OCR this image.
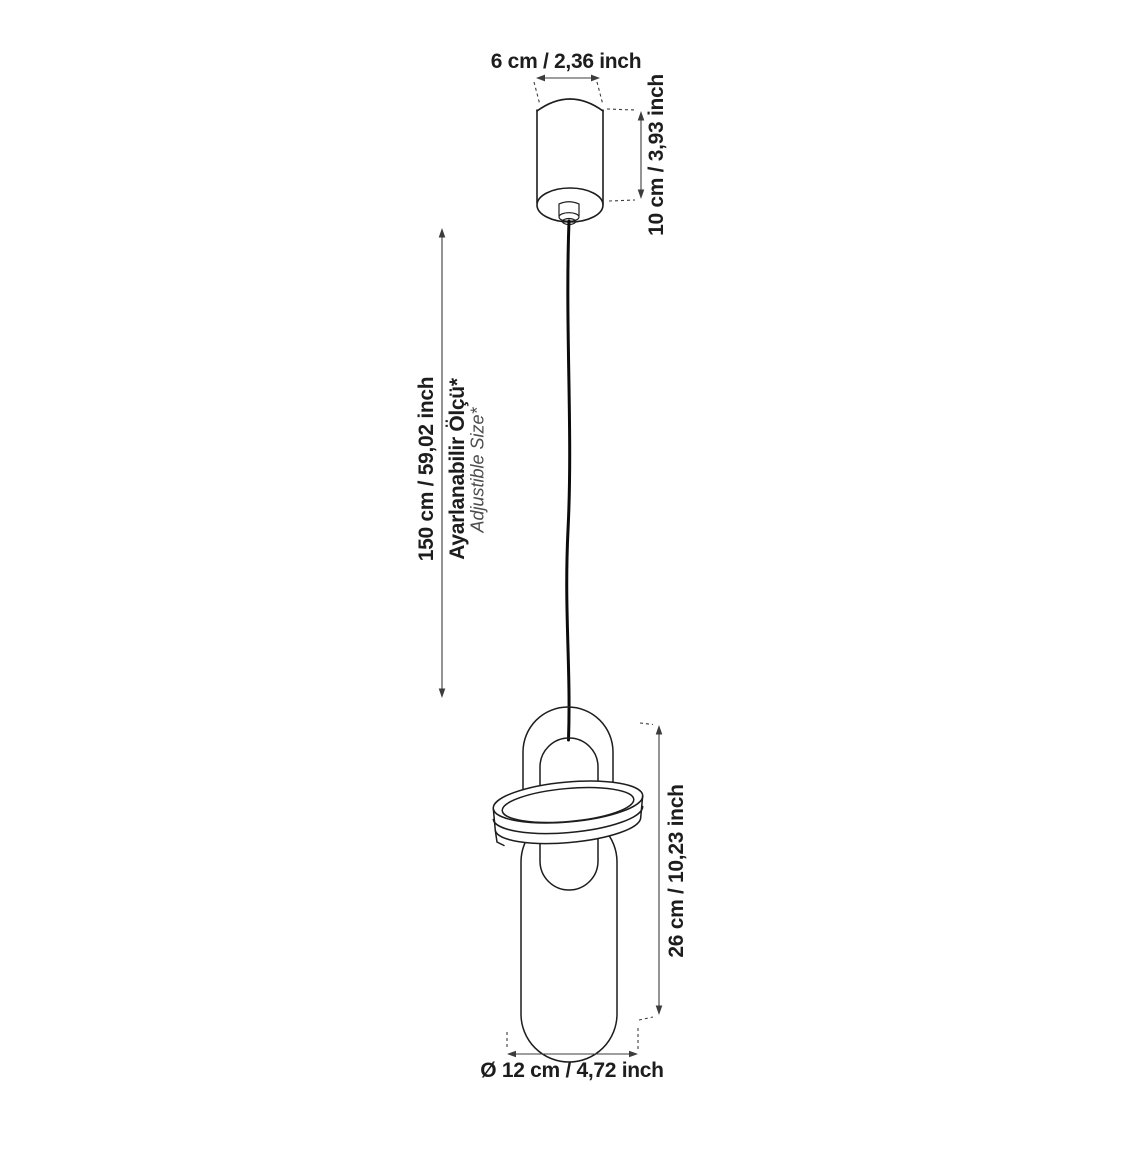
6 cm / 2,36 inch
10 cm / 3,93 inch
150 cm / 59,02 inch Ayarlanabilir Ölçü*
Adjustible Size*
26 cm / 10,23 inch
Ø 12 cm / 4,72 inch
